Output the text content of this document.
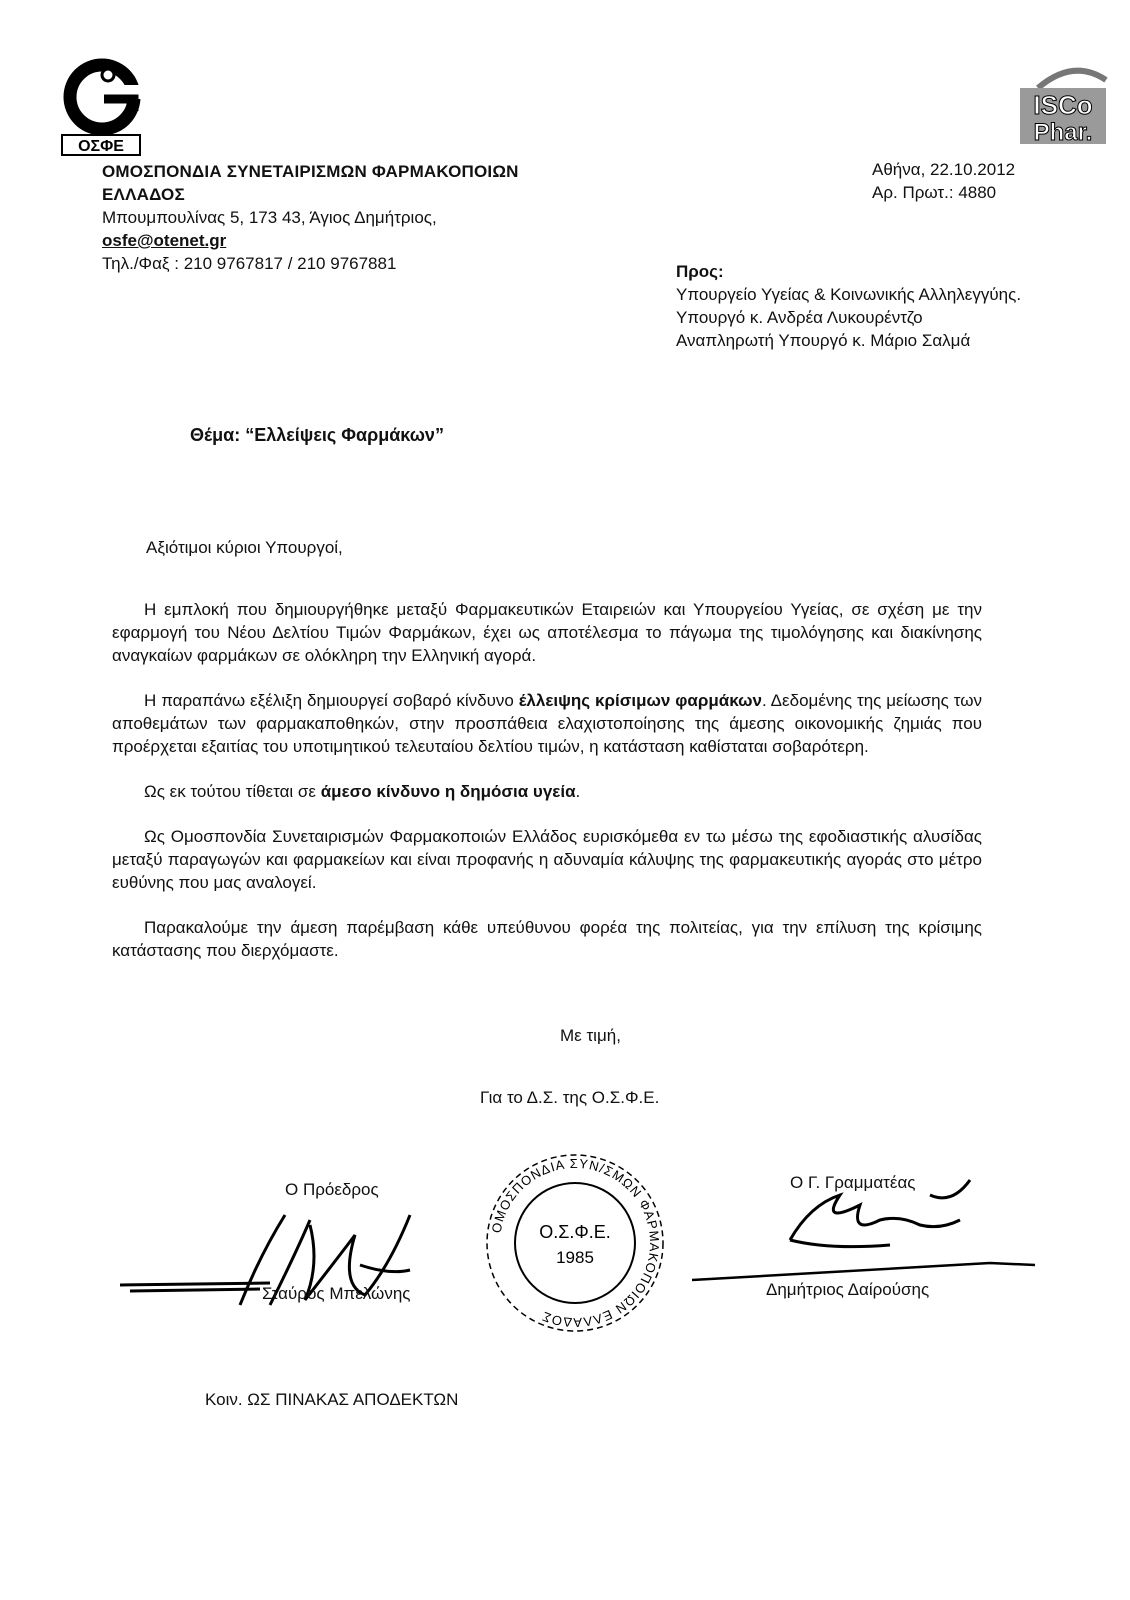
ΟΣΦΕ
ISCo
Phar.
ΟΜΟΣΠΟΝΔΙΑ ΣΥΝΕΤΑΙΡΙΣΜΩΝ ΦΑΡΜΑΚΟΠΟΙΩΝ
ΕΛΛΑΔΟΣ
Μπουμπουλίνας 5, 173 43, Άγιος Δημήτριος,
osfe@otenet.gr
Τηλ./Φαξ : 210 9767817 / 210 9767881
Αθήνα, 22.10.2012
Αρ. Πρωτ.: 4880
Προς:
Υπουργείο Υγείας & Κοινωνικής Αλληλεγγύης.
Υπουργό κ. Ανδρέα Λυκουρέντζο
Αναπληρωτή Υπουργό κ. Μάριο Σαλμά
Θέμα: “Ελλείψεις Φαρμάκων”
Αξιότιμοι κύριοι Υπουργοί,

Η εμπλοκή που δημιουργήθηκε μεταξύ Φαρμακευτικών Εταιρειών και Υπουργείου Υγείας, σε σχέση με την εφαρμογή του Νέου Δελτίου Τιμών Φαρμάκων, έχει ως αποτέλεσμα το πάγωμα της τιμολόγησης και διακίνησης αναγκαίων φαρμάκων σε ολόκληρη την Ελληνική αγορά.

Η παραπάνω εξέλιξη δημιουργεί σοβαρό κίνδυνο έλλειψης κρίσιμων φαρμάκων. Δεδομένης της μείωσης των αποθεμάτων των φαρμακαποθηκών, στην προσπάθεια ελαχιστοποίησης της άμεσης οικονομικής ζημιάς που προέρχεται εξαιτίας του υποτιμητικού τελευταίου δελτίου τιμών, η κατάσταση καθίσταται σοβαρότερη.

Ως εκ τούτου τίθεται σε άμεσο κίνδυνο η δημόσια υγεία.

Ως Ομοσπονδία Συνεταιρισμών Φαρμακοποιών Ελλάδος ευρισκόμεθα εν τω μέσω της εφοδιαστικής αλυσίδας μεταξύ παραγωγών και φαρμακείων και είναι προφανής η αδυναμία κάλυψης της φαρμακευτικής αγοράς στο μέτρο ευθύνης που μας αναλογεί.

Παρακαλούμε την άμεση παρέμβαση κάθε υπεύθυνου φορέα της πολιτείας, για την επίλυση της κρίσιμης κατάστασης που διερχόμαστε.

Με τιμή,
Για το Δ.Σ. της Ο.Σ.Φ.Ε.
Ο Πρόεδρος
Σταύρος Μπελώνης
Ο Γ. Γραμματέας
Δημήτριος Δαίρούσης
ΟΜΟΣΠΟΝΔΙΑ ΣΥΝ/ΣΜΩΝ ΦΑΡΜΑΚΟΠΟΙΩΝ ΕΛΛΑΔΟΣ
Ο.Σ.Φ.Ε.
1985
Κοιν. ΩΣ ΠΙΝΑΚΑΣ ΑΠΟΔΕΚΤΩΝ
